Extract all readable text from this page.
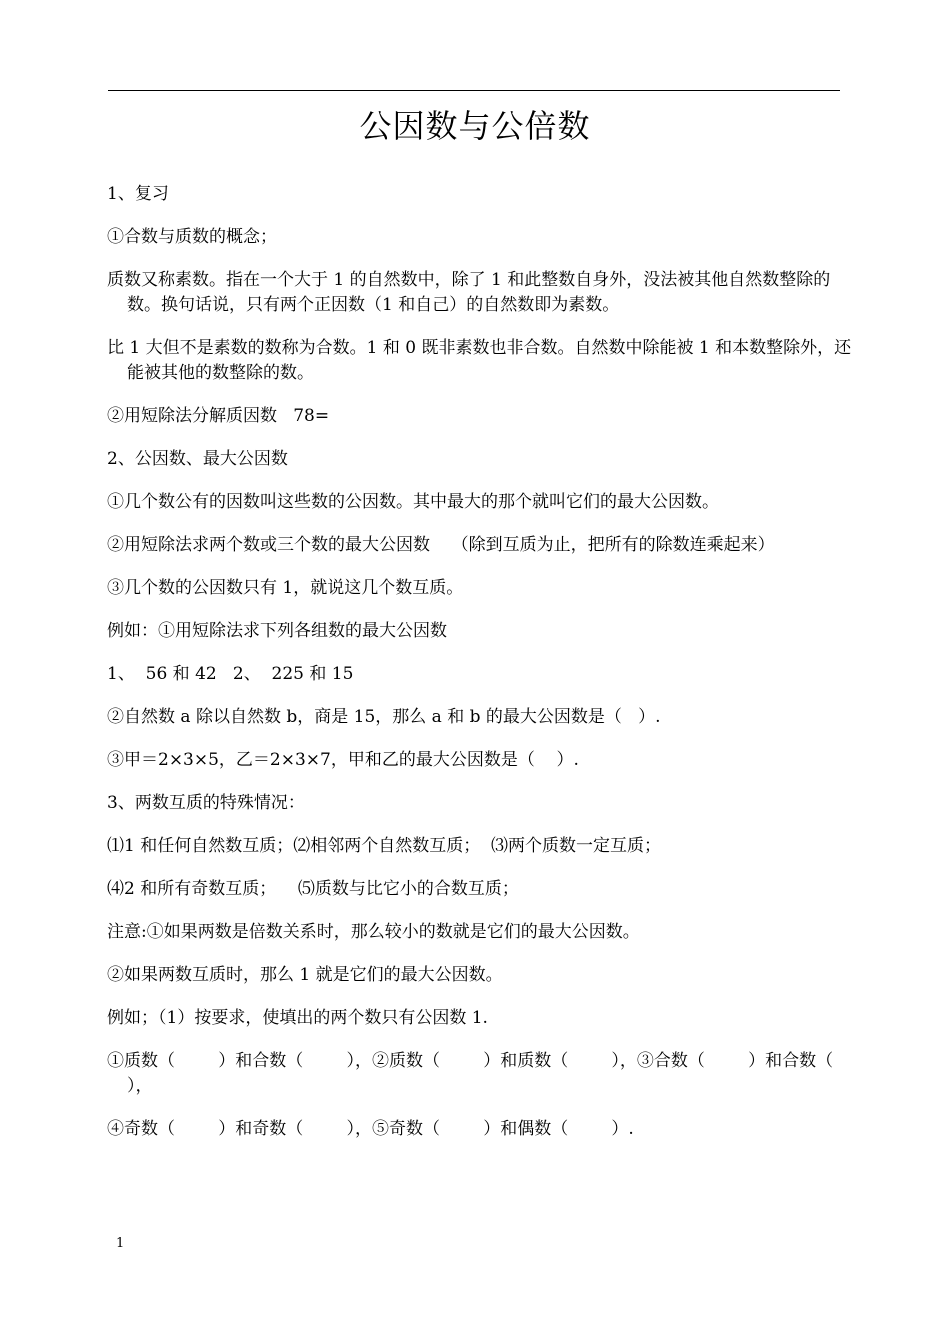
公因数与公倍数

1、复习

①合数与质数的概念；

质数又称素数。指在一个大于 1 的自然数中，除了 1 和此整数自身外，没法被其他自然数整除的数。换句话说，只有两个正因数（1 和自己）的自然数即为素数。

比 1 大但不是素数的数称为合数。1 和 0 既非素数也非合数。自然数中除能被 1 和本数整除外，还能被其他的数整除的数。

②用短除法分解质因数   78=

2、公因数、最大公因数

①几个数公有的因数叫这些数的公因数。其中最大的那个就叫它们的最大公因数。

②用短除法求两个数或三个数的最大公因数    （除到互质为止，把所有的除数连乘起来）

③几个数的公因数只有 1，就说这几个数互质。

例如：①用短除法求下列各组数的最大公因数

1、  56 和 42   2、  225 和 15

②自然数 a 除以自然数 b，商是 15，那么 a 和 b 的最大公因数是（   ）.

③甲＝2×3×5，乙＝2×3×7，甲和乙的最大公因数是（    ）.

3、两数互质的特殊情况：

⑴1 和任何自然数互质；⑵相邻两个自然数互质；  ⑶两个质数一定互质；

⑷2 和所有奇数互质；    ⑸质数与比它小的合数互质；

注意:①如果两数是倍数关系时，那么较小的数就是它们的最大公因数。

②如果两数互质时，那么 1 就是它们的最大公因数。

例如；（1）按要求，使填出的两个数只有公因数 1.

①质数（        ）和合数（        ），②质数（        ）和质数（        ），③合数（        ）和合数（        ），

④奇数（        ）和奇数（        ），⑤奇数（        ）和偶数（        ）.

1
